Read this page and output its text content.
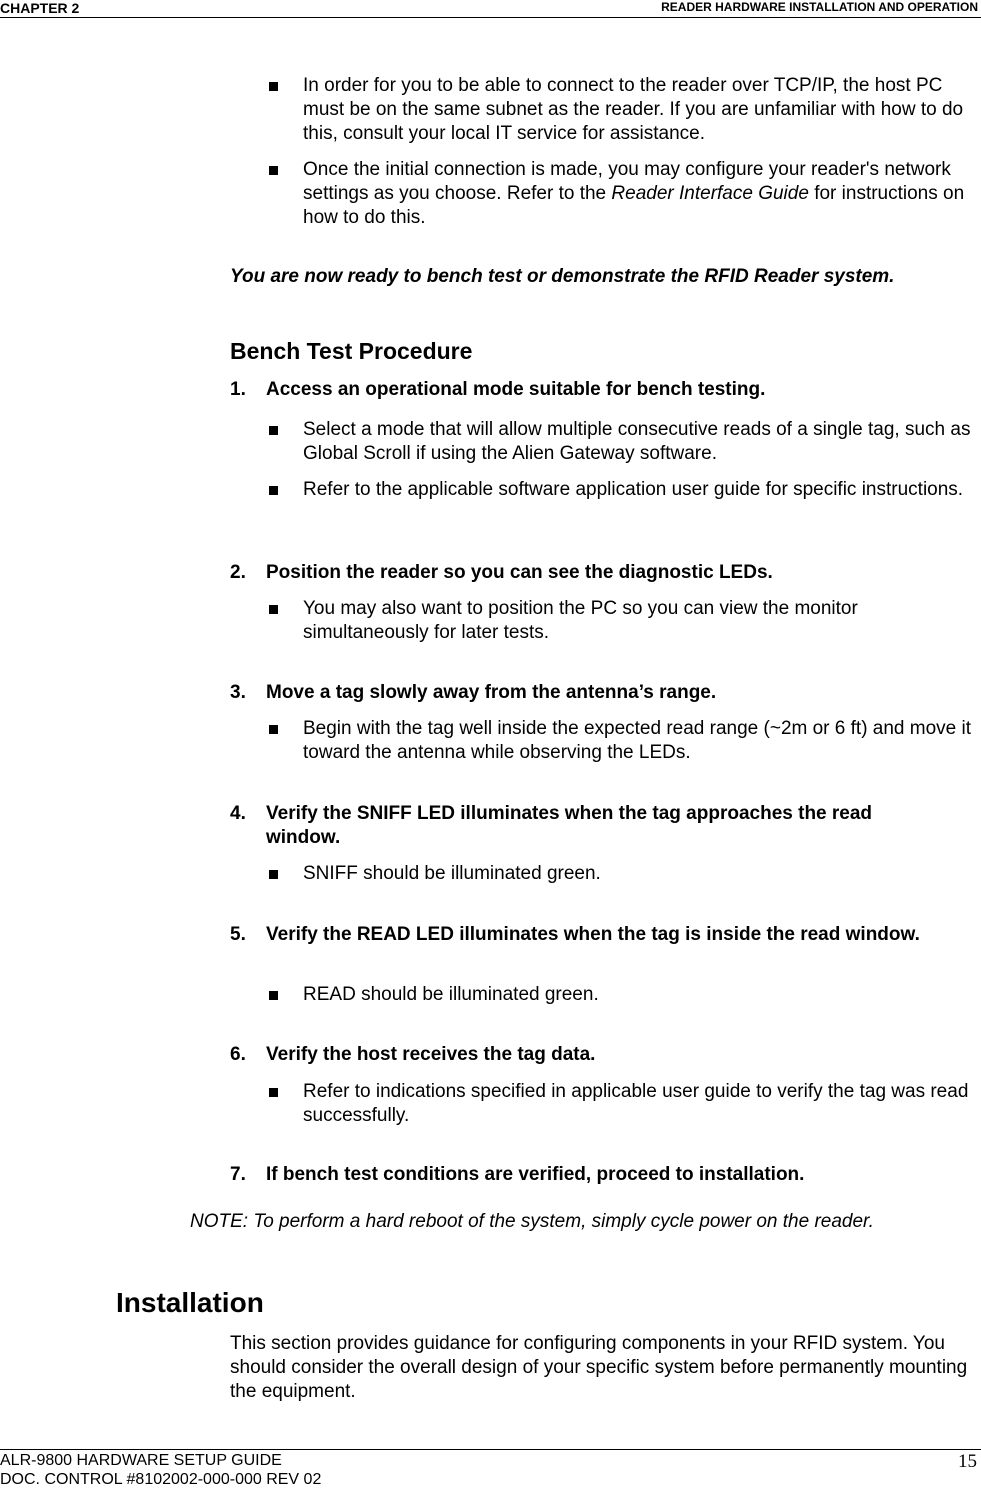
CHAPTER 2	READER HARDWARE INSTALLATION AND OPERATION
In order for you to be able to connect to the reader over TCP/IP, the host PC must be on the same subnet as the reader. If you are unfamiliar with how to do this, consult your local IT service for assistance.
Once the initial connection is made, you may configure your reader's network settings as you choose. Refer to the Reader Interface Guide for instructions on how to do this.
You are now ready to bench test or demonstrate the RFID Reader system.
Bench Test Procedure
1. Access an operational mode suitable for bench testing.
Select a mode that will allow multiple consecutive reads of a single tag, such as Global Scroll if using the Alien Gateway software.
Refer to the applicable software application user guide for specific instructions.
2. Position the reader so you can see the diagnostic LEDs.
You may also want to position the PC so you can view the monitor simultaneously for later tests.
3. Move a tag slowly away from the antenna’s range.
Begin with the tag well inside the expected read range (~2m or 6 ft) and move it toward the antenna while observing the LEDs.
4. Verify the SNIFF LED illuminates when the tag approaches the read window.
SNIFF should be illuminated green.
5. Verify the READ LED illuminates when the tag is inside the read window.
READ should be illuminated green.
6. Verify the host receives the tag data.
Refer to indications specified in applicable user guide to verify the tag was read successfully.
7. If bench test conditions are verified, proceed to installation.
NOTE: To perform a hard reboot of the system, simply cycle power on the reader.
Installation
This section provides guidance for configuring components in your RFID system. You should consider the overall design of your specific system before permanently mounting the equipment.
ALR-9800 HARDWARE SETUP GUIDE
DOC. CONTROL #8102002-000-000 REV 02
15
